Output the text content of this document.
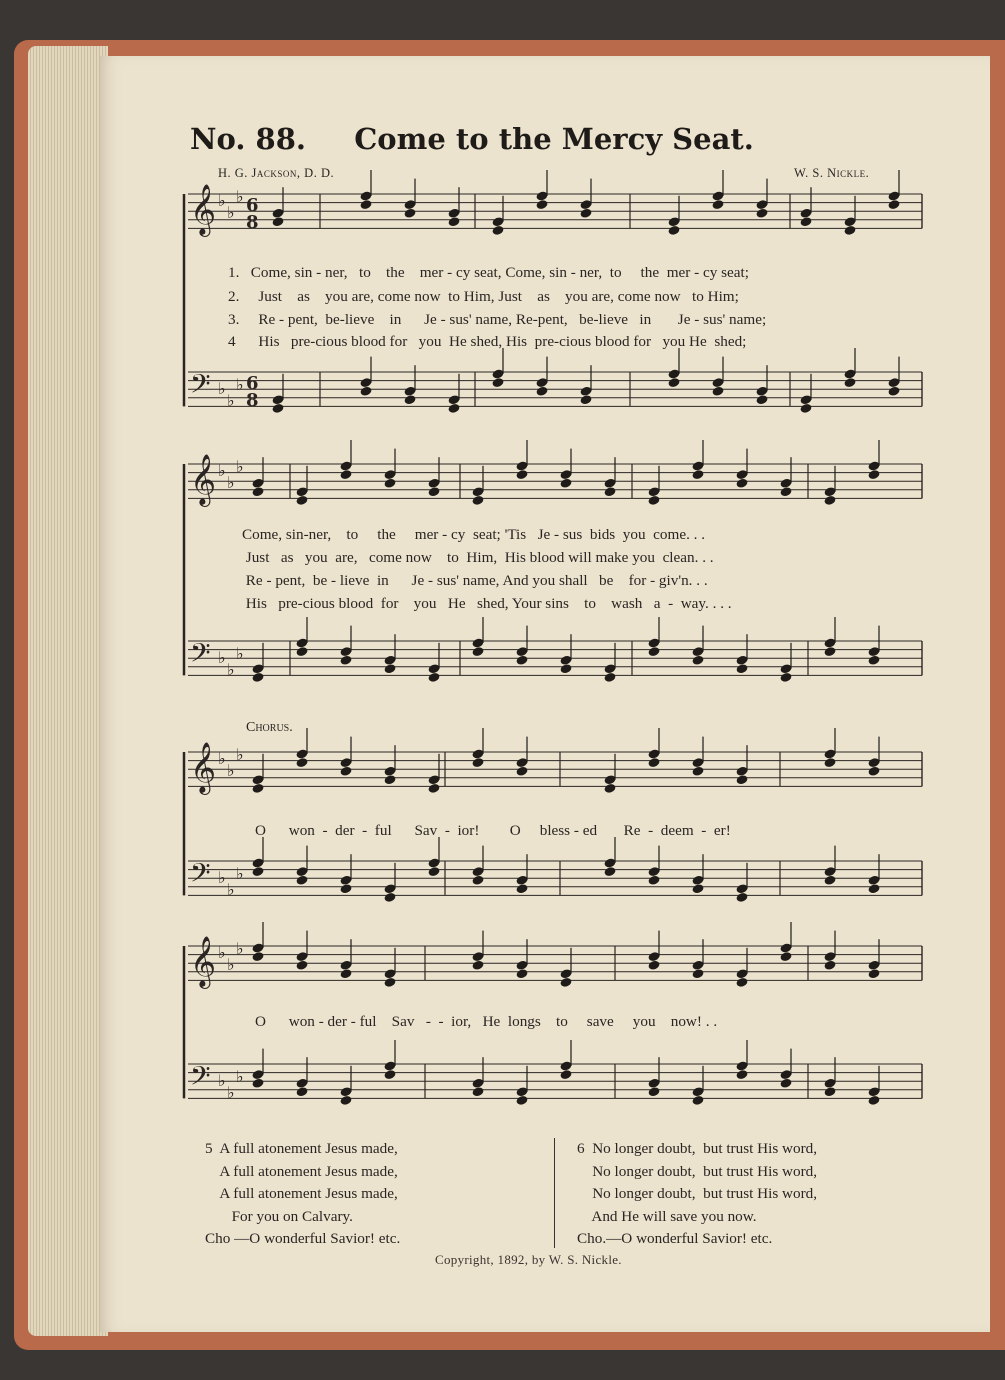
No. 88. Come to the Mercy Seat.
H. G. Jackson, D. D.	W. S. Nickle.
𝄞 ♭
♭
♭ 6
8
𝄢 ♭
♭
♭ 6
8
𝄞 ♭
♭
♭
𝄢 ♭
♭
♭
𝄞 ♭
♭
♭
𝄢 ♭
♭
♭
𝄞 ♭
♭
♭
𝄢 ♭
♭
♭
1.   Come, sin - ner,   to    the    mer - cy seat, Come, sin - ner,  to     the  mer - cy seat;
2.     Just    as    you are, come now  to Him, Just    as    you are, come now   to Him;
3.     Re - pent,  be-lieve    in      Je - sus' name, Re-pent,   be-lieve   in       Je - sus' name;
4      His   pre-cious blood for   you  He shed, His  pre-cious blood for   you He  shed;
Come, sin-ner,    to     the     mer - cy  seat; 'Tis   Je - sus  bids  you  come. . .
Just   as   you  are,   come now    to  Him,  His blood will make you  clean. . .
Re - pent,  be - lieve  in      Je - sus' name, And you shall   be    for - giv'n. . .
His   pre-cious blood  for    you   He   shed, Your sins    to    wash   a  -  way. . . .
Chorus.
O      won  -  der  -  ful      Sav  -  ior!        O     bless - ed       Re  -  deem  -  er!
O      won - der - ful    Sav   -  -  ior,   He  longs    to     save     you    now! . .
5  A full atonement Jesus made,
A full atonement Jesus made,
A full atonement Jesus made,
For you on Calvary.
Cho —O wonderful Savior! etc.
6  No longer doubt,  but trust His word,
No longer doubt,  but trust His word,
No longer doubt,  but trust His word,
And He will save you now.
Cho.—O wonderful Savior! etc.
Copyright, 1892, by W. S. Nickle.
